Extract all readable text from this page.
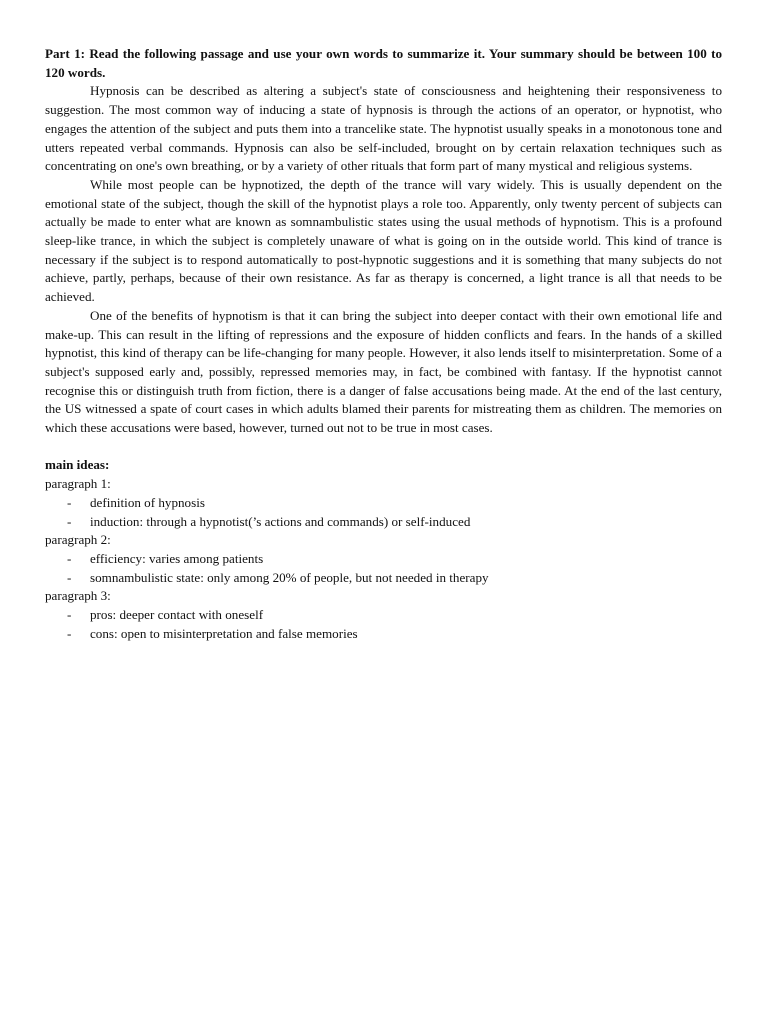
Part 1: Read the following passage and use your own words to summarize it. Your summary should be between 100 to 120 words.

Hypnosis can be described as altering a subject's state of consciousness and heightening their responsiveness to suggestion. The most common way of inducing a state of hypnosis is through the actions of an operator, or hypnotist, who engages the attention of the subject and puts them into a trancelike state. The hypnotist usually speaks in a monotonous tone and utters repeated verbal commands. Hypnosis can also be self-included, brought on by certain relaxation techniques such as concentrating on one's own breathing, or by a variety of other rituals that form part of many mystical and religious systems.

While most people can be hypnotized, the depth of the trance will vary widely. This is usually dependent on the emotional state of the subject, though the skill of the hypnotist plays a role too. Apparently, only twenty percent of subjects can actually be made to enter what are known as somnambulistic states using the usual methods of hypnotism. This is a profound sleep-like trance, in which the subject is completely unaware of what is going on in the outside world. This kind of trance is necessary if the subject is to respond automatically to post-hypnotic suggestions and it is something that many subjects do not achieve, partly, perhaps, because of their own resistance. As far as therapy is concerned, a light trance is all that needs to be achieved.

One of the benefits of hypnotism is that it can bring the subject into deeper contact with their own emotional life and make-up. This can result in the lifting of repressions and the exposure of hidden conflicts and fears. In the hands of a skilled hypnotist, this kind of therapy can be life-changing for many people. However, it also lends itself to misinterpretation. Some of a subject's supposed early and, possibly, repressed memories may, in fact, be combined with fantasy. If the hypnotist cannot recognise this or distinguish truth from fiction, there is a danger of false accusations being made. At the end of the last century, the US witnessed a spate of court cases in which adults blamed their parents for mistreating them as children. The memories on which these accusations were based, however, turned out not to be true in most cases.

main ideas:

paragraph 1:

- definition of hypnosis
- induction: through a hypnotist(’s actions and commands) or self-induced

paragraph 2:

- efficiency: varies among patients
- somnambulistic state: only among 20% of people, but not needed in therapy

paragraph 3:

- pros: deeper contact with oneself
- cons: open to misinterpretation and false memories
